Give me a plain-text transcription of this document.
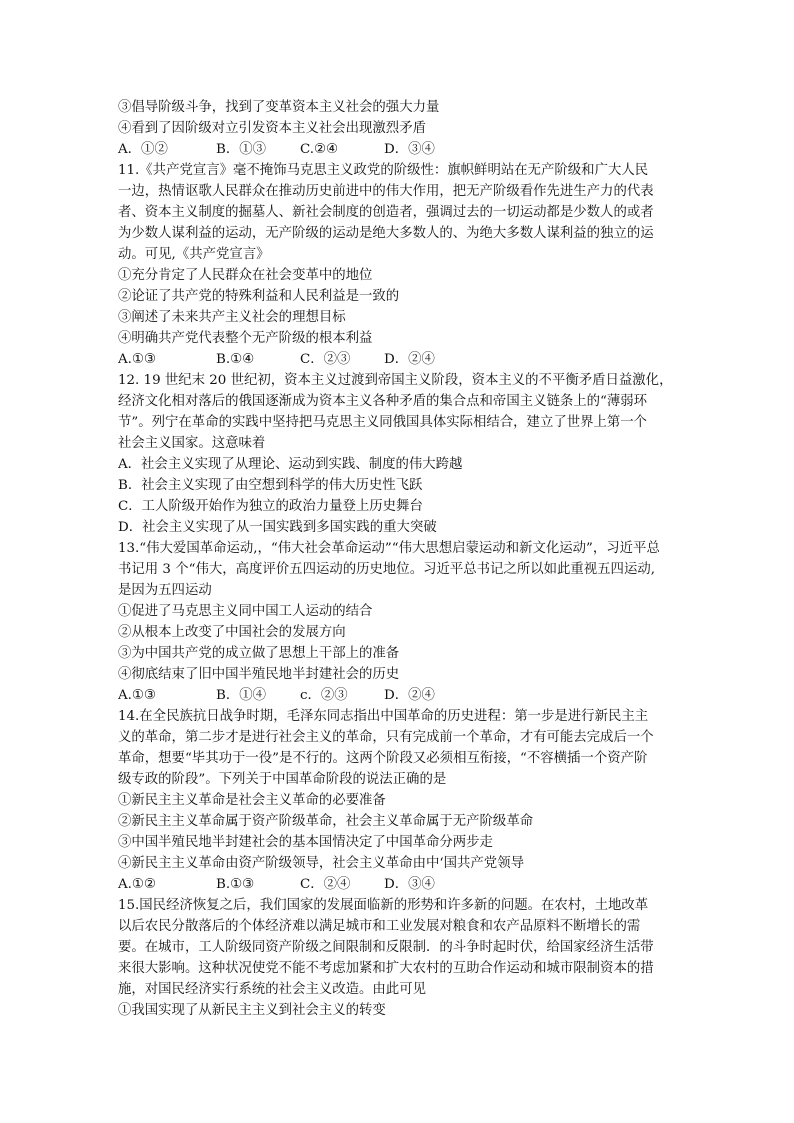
③倡导阶级斗争，找到了变革资本主义社会的强大力量
④看到了因阶级对立引发资本主义社会出现激烈矛盾
A．①②	B．①③	C.②④	D．③④
11.《共产党宣言》毫不掩饰马克思主义政党的阶级性：旗帜鲜明站在无产阶级和广大人民
一边，热情讴歌人民群众在推动历史前进中的伟大作用，把无产阶级看作先进生产力的代表
者、资本主义制度的掘墓人、新社会制度的创造者，强调过去的一切运动都是少数人的或者
为少数人谋利益的运动，无产阶级的运动是绝大多数人的、为绝大多数人谋利益的独立的运
动。可见,《共产党宣言》
①充分肯定了人民群众在社会变革中的地位
②论证了共产党的特殊利益和人民利益是一致的
③阐述了未来共产主义社会的理想目标
④明确共产党代表整个无产阶级的根本利益
A.①③	B.①④	C．②③	D．②④
12. 19 世纪末 20 世纪初，资本主义过渡到帝国主义阶段，资本主义的不平衡矛盾日益激化，
经济文化相对落后的俄国逐渐成为资本主义各种矛盾的集合点和帝国主义链条上的“薄弱环
节”。列宁在革命的实践中坚持把马克思主义同俄国具体实际相结合，建立了世界上第一个
社会主义国家。这意味着
A．社会主义实现了从理论、运动到实践、制度的伟大跨越
B．社会主义实现了由空想到科学的伟大历史性飞跃
C．工人阶级开始作为独立的政治力量登上历史舞台
D．社会主义实现了从一国实践到多国实践的重大突破
13.“伟大爱国革命运动,，“伟大社会革命运动”“伟大思想启蒙运动和新文化运动”，习近平总
书记用 3 个“伟大，高度评价五四运动的历史地位。习近平总书记之所以如此重视五四运动,
是因为五四运动
①促进了马克思主义同中国工人运动的结合
②从根本上改变了中国社会的发展方向
③为中国共产党的成立做了思想上干部上的准备
④彻底结束了旧中国半殖民地半封建社会的历史
A.①③	B．①④	c．②③	D．②④
14.在全民族抗日战争时期，毛泽东同志指出中国革命的历史进程：第一步是进行新民主主
义的革命，第二步才是进行社会主义的革命，只有完成前一个革命，才有可能去完成后一个
革命，想要“毕其功于一役”是不行的。这两个阶段又必须相互衔接，“不容横插一个资产阶
级专政的阶段”。下列关于中国革命阶段的说法正确的是
①新民主主义革命是社会主义革命的必要准备
②新民主主义革命属于资产阶级革命，社会主义革命属于无产阶级革命
③中国半殖民地半封建社会的基本国情决定了中国革命分两步走
④新民主主义革命由资产阶级领导，社会主义革命由中‘国共产党领导
A.①②	B.①③	C．②④	D．③④
15.国民经济恢复之后，我们国家的发展面临新的形势和许多新的问题。在农村，土地改革
以后农民分散落后的个体经济难以满足城市和工业发展对粮食和农产品原料不断增长的需
要。在城市，工人阶级同资产阶级之间限制和反限制．的斗争时起时伏，给国家经济生活带
来很大影响。这种状况使党不能不考虑加紧和扩大农村的互助合作运动和城市限制资本的措
施，对国民经济实行系统的社会主义改造。由此可见
①我国实现了从新民主主义到社会主义的转变
